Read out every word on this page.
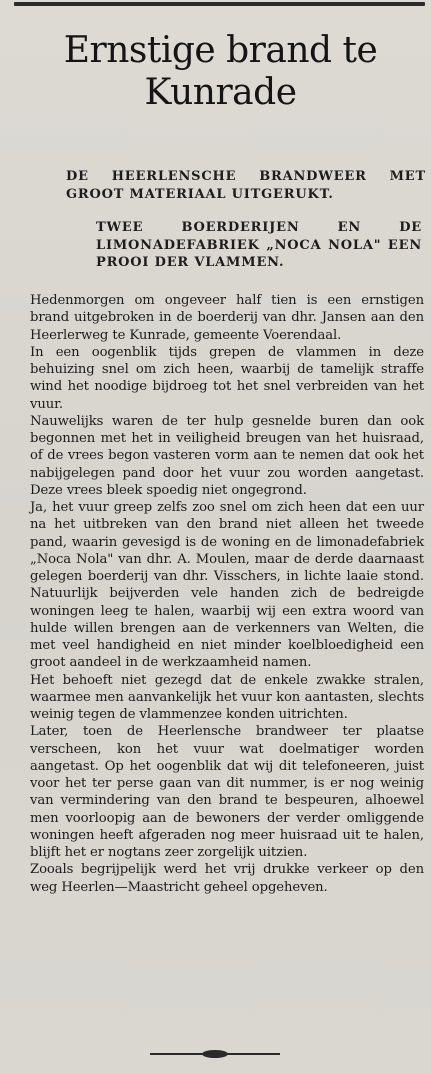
Ernstige brand te Kunrade
DE HEERLENSCHE BRANDWEER MET GROOT MATERIAAL UITGERUKT.
TWEE BOERDERIJEN EN DE LIMONADEFABRIEK „NOCA NOLA" EEN PROOI DER VLAMMEN.

Hedenmorgen om ongeveer half tien is een ernstigen brand uitgebroken in de boerderij van dhr. Jansen aan den Heerlerweg te Kunrade, gemeente Voerendaal.

In een oogenblik tijds grepen de vlammen in deze behuizing snel om zich heen, waarbij de tamelijk straffe wind het noodige bijdroeg tot het snel verbreiden van het vuur.

Nauwelijks waren de ter hulp gesnelde buren dan ook begonnen met het in veiligheid breugen van het huisraad, of de vrees begon vasteren vorm aan te nemen dat ook het nabijgelegen pand door het vuur zou worden aangetast. Deze vrees bleek spoedig niet ongegrond.

Ja, het vuur greep zelfs zoo snel om zich heen dat een uur na het uitbreken van den brand niet alleen het tweede pand, waarin gevesigd is de woning en de limonadefabriek „Noca Nola" van dhr. A. Moulen, maar de derde daarnaast gelegen boerderij van dhr. Visschers, in lichte laaie stond. Natuurlijk beijverden vele handen zich de bedreigde woningen leeg te halen, waarbij wij een extra woord van hulde willen brengen aan de verkenners van Welten, die met veel handigheid en niet minder koelbloedigheid een groot aandeel in de werkzaamheid namen.

Het behoeft niet gezegd dat de enkele zwakke stralen, waarmee men aanvankelijk het vuur kon aantasten, slechts weinig tegen de vlammenzee konden uitrichten.

Later, toen de Heerlensche brandweer ter plaatse verscheen, kon het vuur wat doelmatiger worden aangetast. Op het oogenblik dat wij dit telefoneeren, juist voor het ter perse gaan van dit nummer, is er nog weinig van vermindering van den brand te bespeuren, alhoewel men voorloopig aan de bewoners der verder omliggende woningen heeft afgeraden nog meer huisraad uit te halen, blijft het er nogtans zeer zorgelijk uitzien.

Zooals begrijpelijk werd het vrij drukke verkeer op den weg Heerlen—Maastricht geheel opgeheven.
